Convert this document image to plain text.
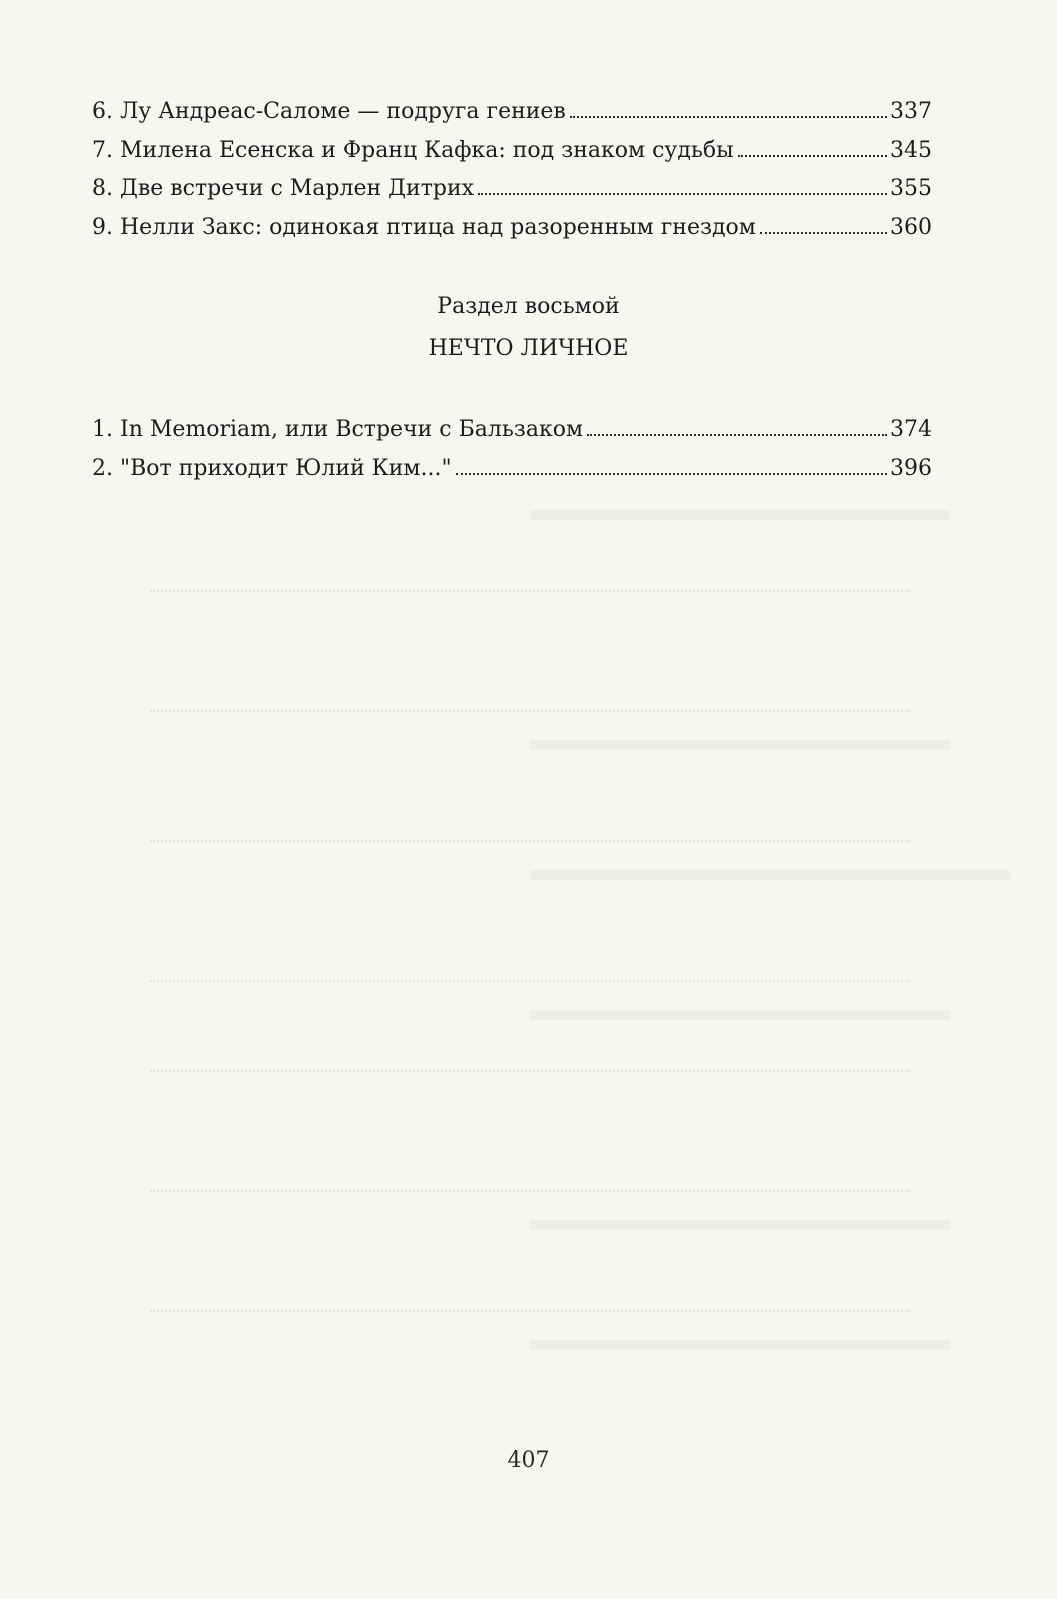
6.
Лу Андреас-Саломе — подруга гениев	337
7.
Милена Есенска и Франц Кафка: под знаком судьбы	345
8.
Две встречи с Марлен Дитрих	355
9.
Нелли Закс: одинокая птица над разоренным гнездом	360
Раздел восьмой
НЕЧТО ЛИЧНОЕ
1.
In Memoriam, или Встречи с Бальзаком	374
2.
"Вот приходит Юлий Ким..."	396
407
